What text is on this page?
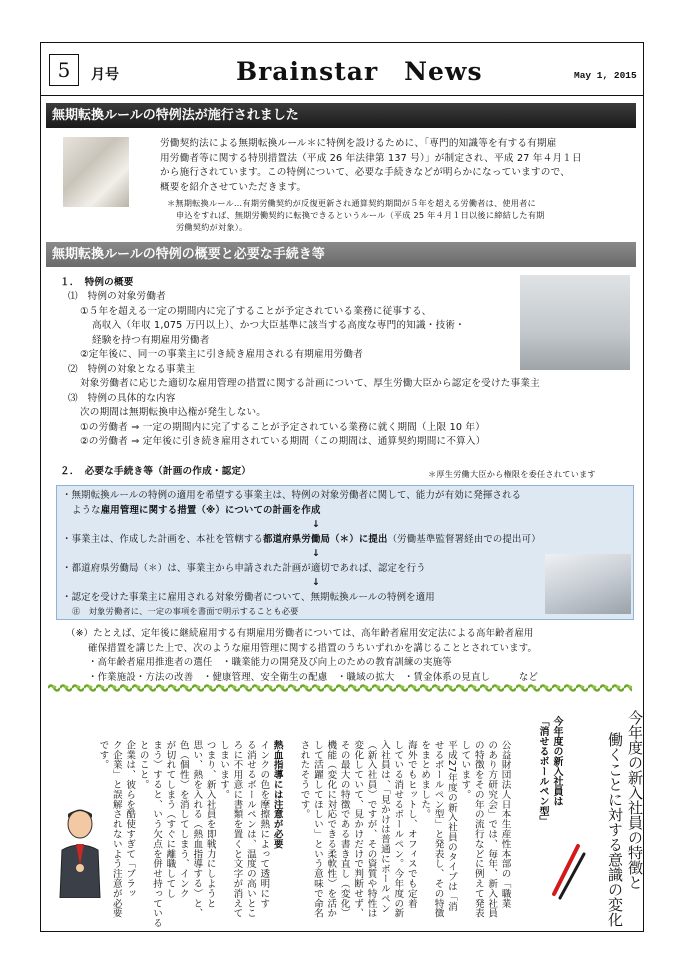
5	月号	Brainstar　News	May 1, 2015
無期転換ルールの特例法が施行されました
労働契約法による無期転換ルール＊に特例を設けるために、「専門的知識等を有する有期雇
用労働者等に関する特別措置法（平成 26 年法律第 137 号）」が制定され、平成 27 年４月１日
から施行されています。この特例について、必要な手続きなどが明らかになっていますので、
概要を紹介させていただきます。
＊無期転換ルール…有期労働契約が反復更新され通算契約期間が５年を超える労働者は、使用者に
申込をすれば、無期労働契約に転換できるというルール（平成 25 年４月１日以後に締結した有期
労働契約が対象）。
無期転換ルールの特例の概要と必要な手続き等
１．　特例の概要
⑴　特例の対象労働者
①５年を超える一定の期間内に完了することが予定されている業務に従事する、
高収入（年収 1,075 万円以上）、かつ大臣基準に該当する高度な専門的知識・技術・
経験を持つ有期雇用労働者
②定年後に、同一の事業主に引き続き雇用される有期雇用労働者
⑵　特例の対象となる事業主
対象労働者に応じた適切な雇用管理の措置に関する計画について、厚生労働大臣から認定を受けた事業主
⑶　特例の具体的な内容
次の期間は無期転換申込権が発生しない。
①の労働者 ⇒ 一定の期間内に完了することが予定されている業務に就く期間（上限 10 年）
②の労働者 ⇒ 定年後に引き続き雇用されている期間（この期間は、通算契約期間に不算入）
２．　必要な手続き等（計画の作成・認定）	＊厚生労働大臣から権限を委任されています
・無期転換ルールの特例の適用を希望する事業主は、特例の対象労働者に関して、能力が有効に発揮される
ような雇用管理に関する措置（※）についての計画を作成
↓
・事業主は、作成した計画を、本社を管轄する都道府県労働局（＊）に提出（労働基準監督署経由での提出可）
↓
・都道府県労働局（＊）は、事業主から申請された計画が適切であれば、認定を行う
↓
・認定を受けた事業主に雇用される対象労働者について、無期転換ルールの特例を適用
㊟　対象労働者に、一定の事項を書面で明示することも必要
（※）たとえば、定年後に継続雇用する有期雇用労働者については、高年齢者雇用安定法による高年齢者雇用
確保措置を講じた上で、次のような雇用管理に関する措置のうちいずれかを講じることとされています。
・高年齢者雇用推進者の選任　・職業能力の開発及び向上のための教育訓練の実施等
・作業施設・方法の改善　・健康管理、安全衛生の配慮　・職域の拡大　・賃金体系の見直し　　　など
今年度の新入社員の特徴と
働くことに対する意識の変化
今年度の新入社員は
「消せるボールペン型」
公益財団法人日本生産性本部の「職業
のあり方研究会」では、毎年、新入社員
の特徴をその年の流行などに例えて発表
しています。
平成27年度の新入社員のタイプは「消
せるボールペン型」と発表し、その特徴
をまとめました。
海外でもヒットし、オフィスでも定着
している消せるボールペン。今年度の新
入社員は、「見かけは普通にボールペン
（新入社員）ですが、その資質や特性は
変化していて、見かけだけで判断せず、
その最大の特徴である書き直し（変化）
機能（変化に対応できる柔軟性）を活か
して活躍してほしい」という意味で命名
されたそうです。

熱血指導には注意が必要
インクの色を摩擦熱によって透明にす
る消せるボールペンは、温度の高いとこ
ろに不用意に書類を置くと文字が消えて
しまいます。
つまり、新入社員を即戦力にしようと
思い、熱を入れる（熱血指導する）と、
色（個性）を消してしまう、インク
が切れてしまう（すぐに離職してし
まう）すると、いう欠点を併せ持っている
とのこと。
企業は、彼らを酷使すぎて「ブラッ
ク企業」と誤解されないよう注意が必要
です。
